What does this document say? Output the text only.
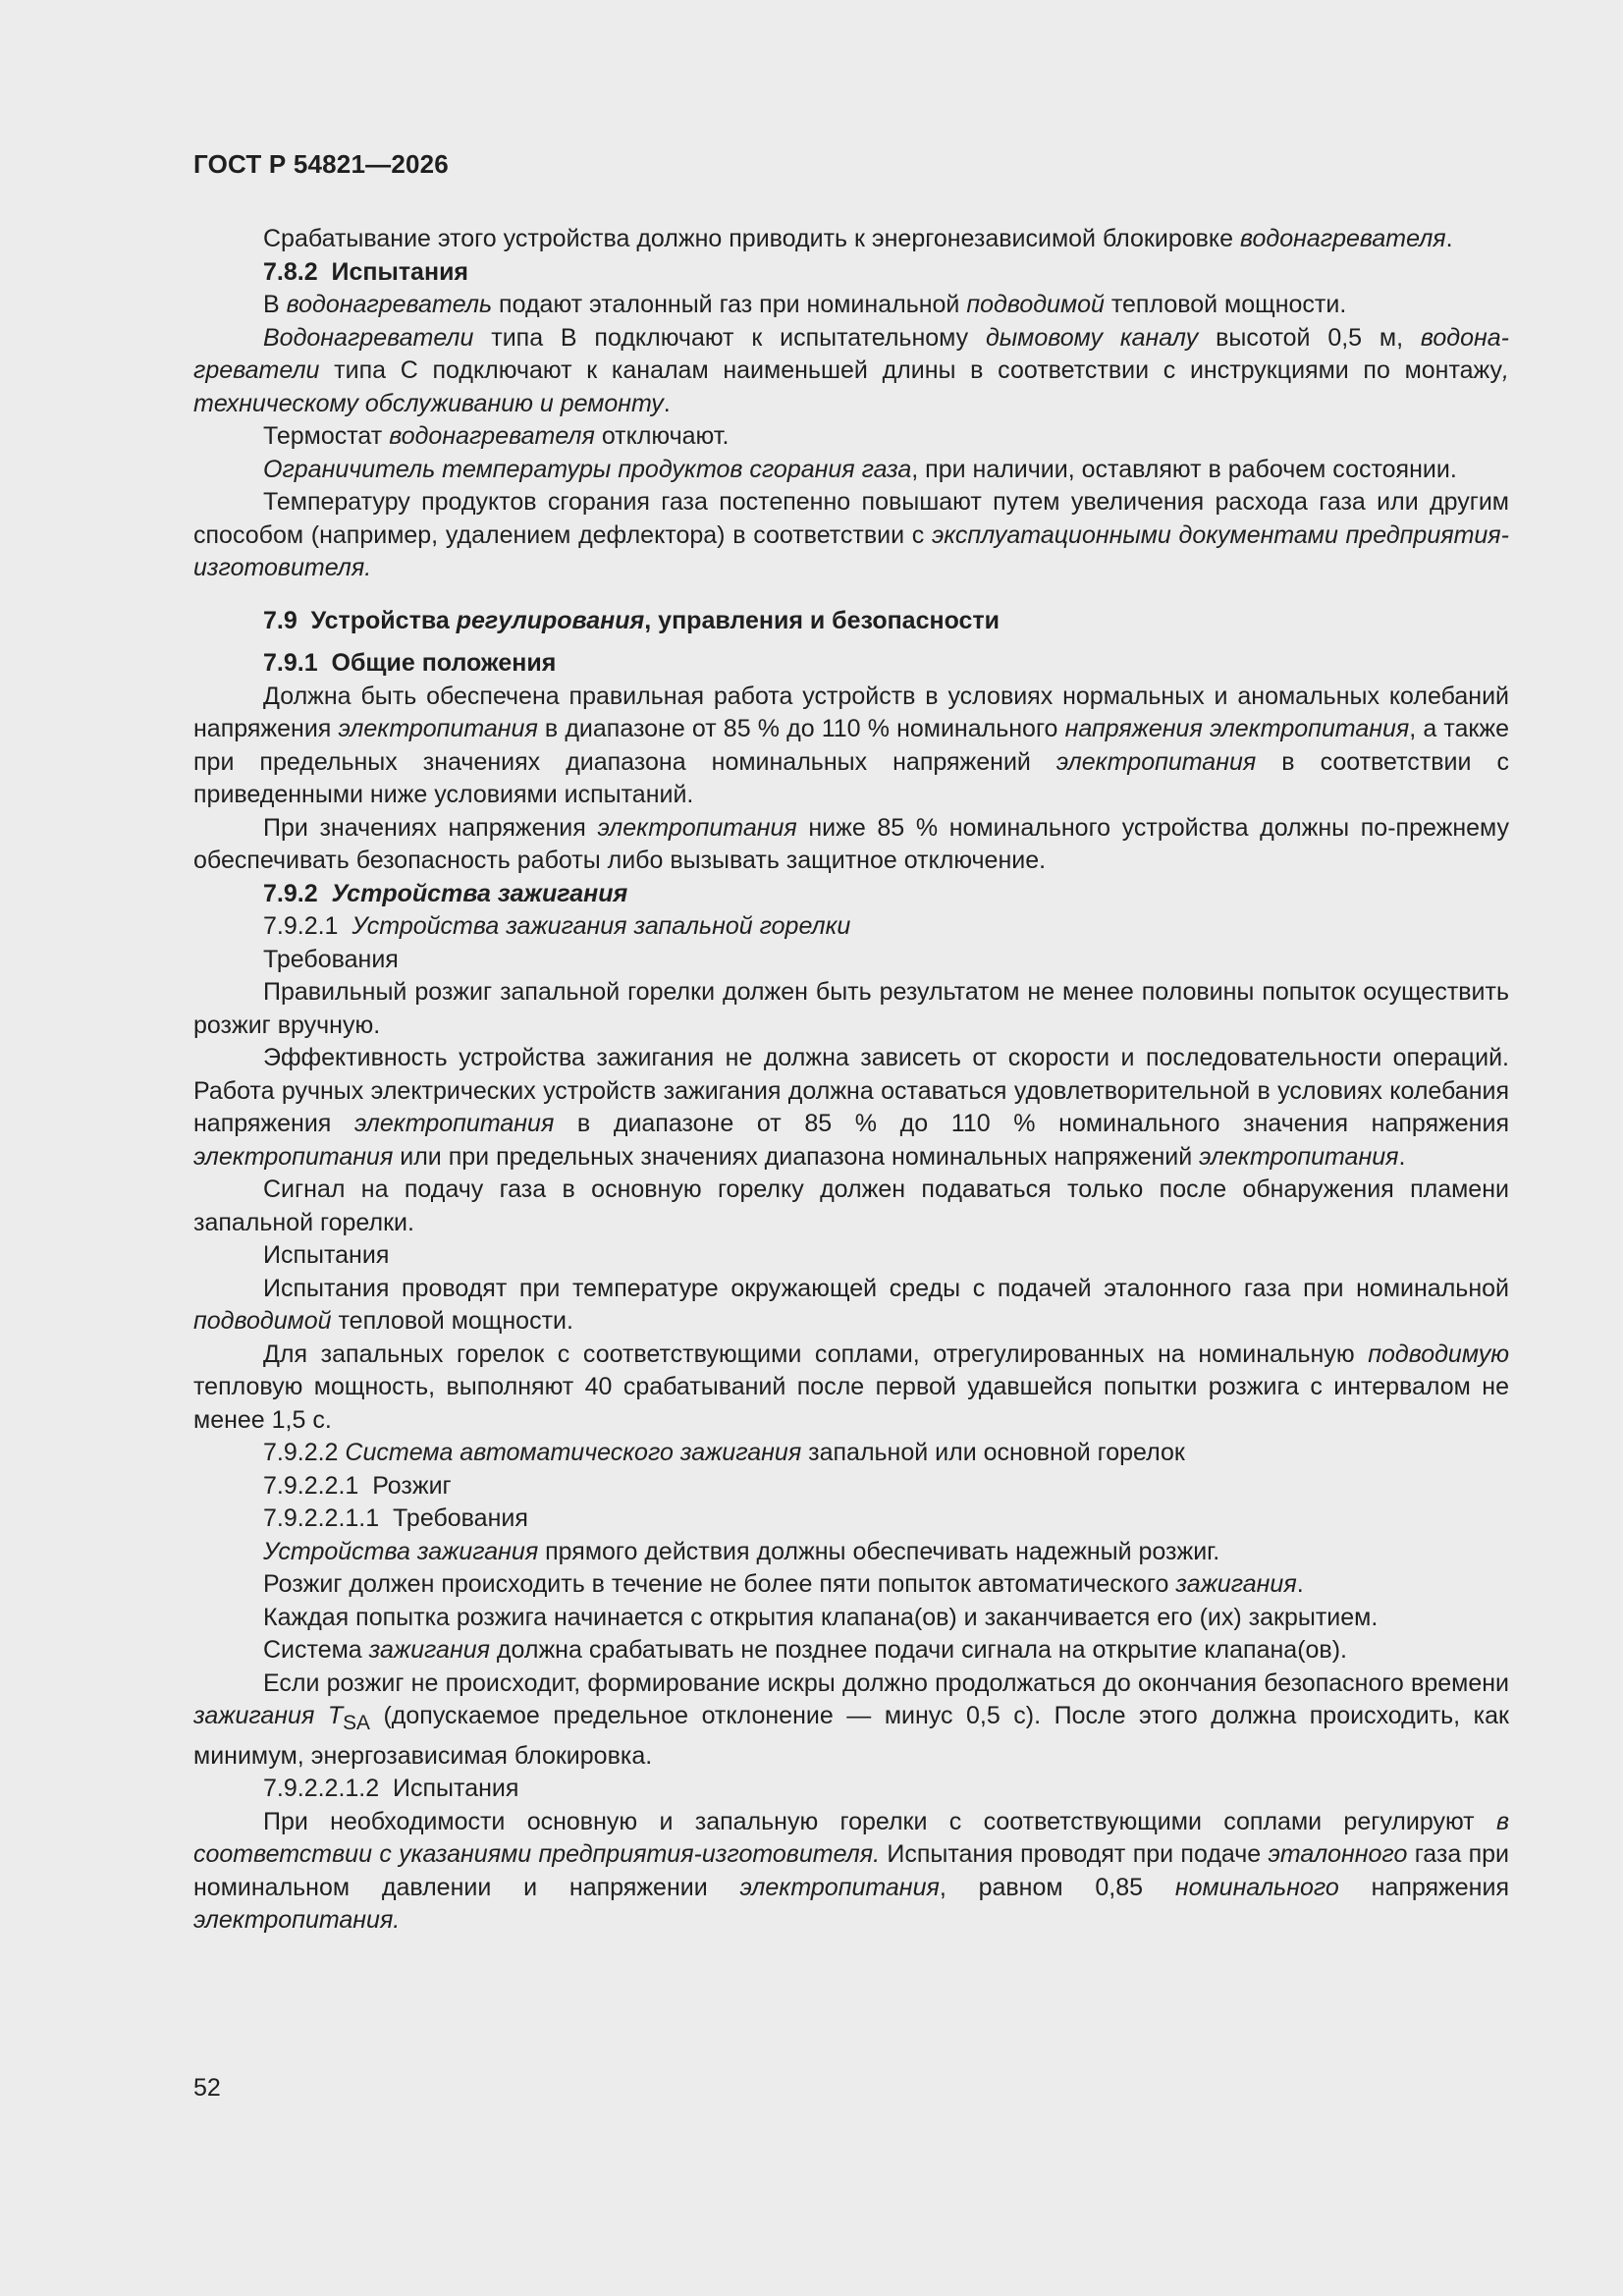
ГОСТ Р 54821—2026

Срабатывание этого устройства должно приводить к энергонезависимой блокировке водонагревателя.

7.8.2  Испытания

В водонагреватель подают эталонный газ при номинальной подводимой тепловой мощности.

Водонагреватели типа В подключают к испытательному дымовому каналу высотой 0,5 м, водонагреватели типа С подключают к каналам наименьшей длины в соответствии с инструкциями по монтажу, техническому обслуживанию и ремонту.

Термостат водонагревателя отключают.

Ограничитель температуры продуктов сгорания газа, при наличии, оставляют в рабочем состоянии.

Температуру продуктов сгорания газа постепенно повышают путем увеличения расхода газа или другим способом (например, удалением дефлектора) в соответствии с эксплуатационными документами предприятия-изготовителя.

7.9  Устройства регулирования, управления и безопасности

7.9.1  Общие положения

Должна быть обеспечена правильная работа устройств в условиях нормальных и аномальных колебаний напряжения электропитания в диапазоне от 85 % до 110 % номинального напряжения электропитания, а также при предельных значениях диапазона номинальных напряжений электропитания в соответствии с приведенными ниже условиями испытаний.

При значениях напряжения электропитания ниже 85 % номинального устройства должны по-прежнему обеспечивать безопасность работы либо вызывать защитное отключение.

7.9.2  Устройства зажигания

7.9.2.1  Устройства зажигания запальной горелки

Требования

Правильный розжиг запальной горелки должен быть результатом не менее половины попыток осуществить розжиг вручную.

Эффективность устройства зажигания не должна зависеть от скорости и последовательности операций. Работа ручных электрических устройств зажигания должна оставаться удовлетворительной в условиях колебания напряжения электропитания в диапазоне от 85 % до 110 % номинального значения напряжения электропитания или при предельных значениях диапазона номинальных напряжений электропитания.

Сигнал на подачу газа в основную горелку должен подаваться только после обнаружения пламени запальной горелки.

Испытания

Испытания проводят при температуре окружающей среды с подачей эталонного газа при номинальной подводимой тепловой мощности.

Для запальных горелок с соответствующими соплами, отрегулированных на номинальную подводимую тепловую мощность, выполняют 40 срабатываний после первой удавшейся попытки розжига с интервалом не менее 1,5 с.

7.9.2.2 Система автоматического зажигания запальной или основной горелок

7.9.2.2.1  Розжиг

7.9.2.2.1.1  Требования

Устройства зажигания прямого действия должны обеспечивать надежный розжиг.

Розжиг должен происходить в течение не более пяти попыток автоматического зажигания.

Каждая попытка розжига начинается с открытия клапана(ов) и заканчивается его (их) закрытием.

Система зажигания должна срабатывать не позднее подачи сигнала на открытие клапана(ов).

Если розжиг не происходит, формирование искры должно продолжаться до окончания безопасного времени зажигания $T_{SA}$ (допускаемое предельное отклонение — минус 0,5 с). После этого должна происходить, как минимум, энергозависимая блокировка.

7.9.2.2.1.2  Испытания

При необходимости основную и запальную горелки с соответствующими соплами регулируют в соответствии с указаниями предприятия-изготовителя. Испытания проводят при подаче эталонного газа при номинальном давлении и напряжении электропитания, равном 0,85 номинального напряжения электропитания.

52
